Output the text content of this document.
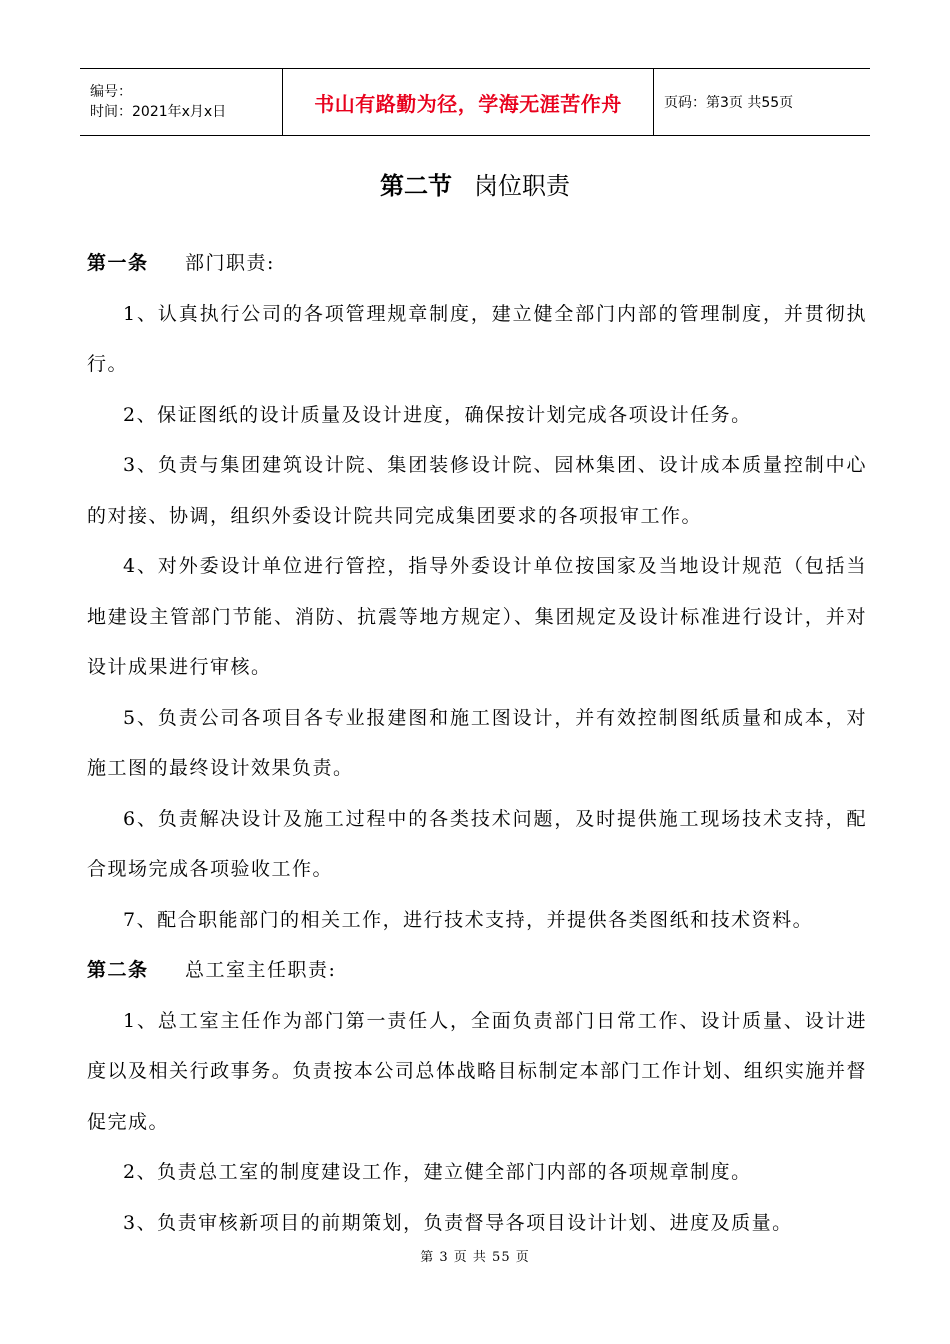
编号：
时间：2021年x月x日	书山有路勤为径，学海无涯苦作舟	页码：第3页 共55页
第二节 岗位职责

第一条 部门职责:

1、认真执行公司的各项管理规章制度，建立健全部门内部的管理制度，并贯彻执行。

2、保证图纸的设计质量及设计进度，确保按计划完成各项设计任务。

3、负责与集团建筑设计院、集团装修设计院、园林集团、设计成本质量控制中心的对接、协调，组织外委设计院共同完成集团要求的各项报审工作。

4、对外委设计单位进行管控，指导外委设计单位按国家及当地设计规范（包括当地建设主管部门节能、消防、抗震等地方规定）、集团规定及设计标准进行设计，并对设计成果进行审核。

5、负责公司各项目各专业报建图和施工图设计，并有效控制图纸质量和成本，对施工图的最终设计效果负责。

6、负责解决设计及施工过程中的各类技术问题，及时提供施工现场技术支持，配合现场完成各项验收工作。

7、配合职能部门的相关工作，进行技术支持，并提供各类图纸和技术资料。

第二条 总工室主任职责:

1、总工室主任作为部门第一责任人，全面负责部门日常工作、设计质量、设计进度以及相关行政事务。负责按本公司总体战略目标制定本部门工作计划、组织实施并督促完成。

2、负责总工室的制度建设工作，建立健全部门内部的各项规章制度。

3、负责审核新项目的前期策划，负责督导各项目设计计划、进度及质量。

第 3 页 共 55 页
